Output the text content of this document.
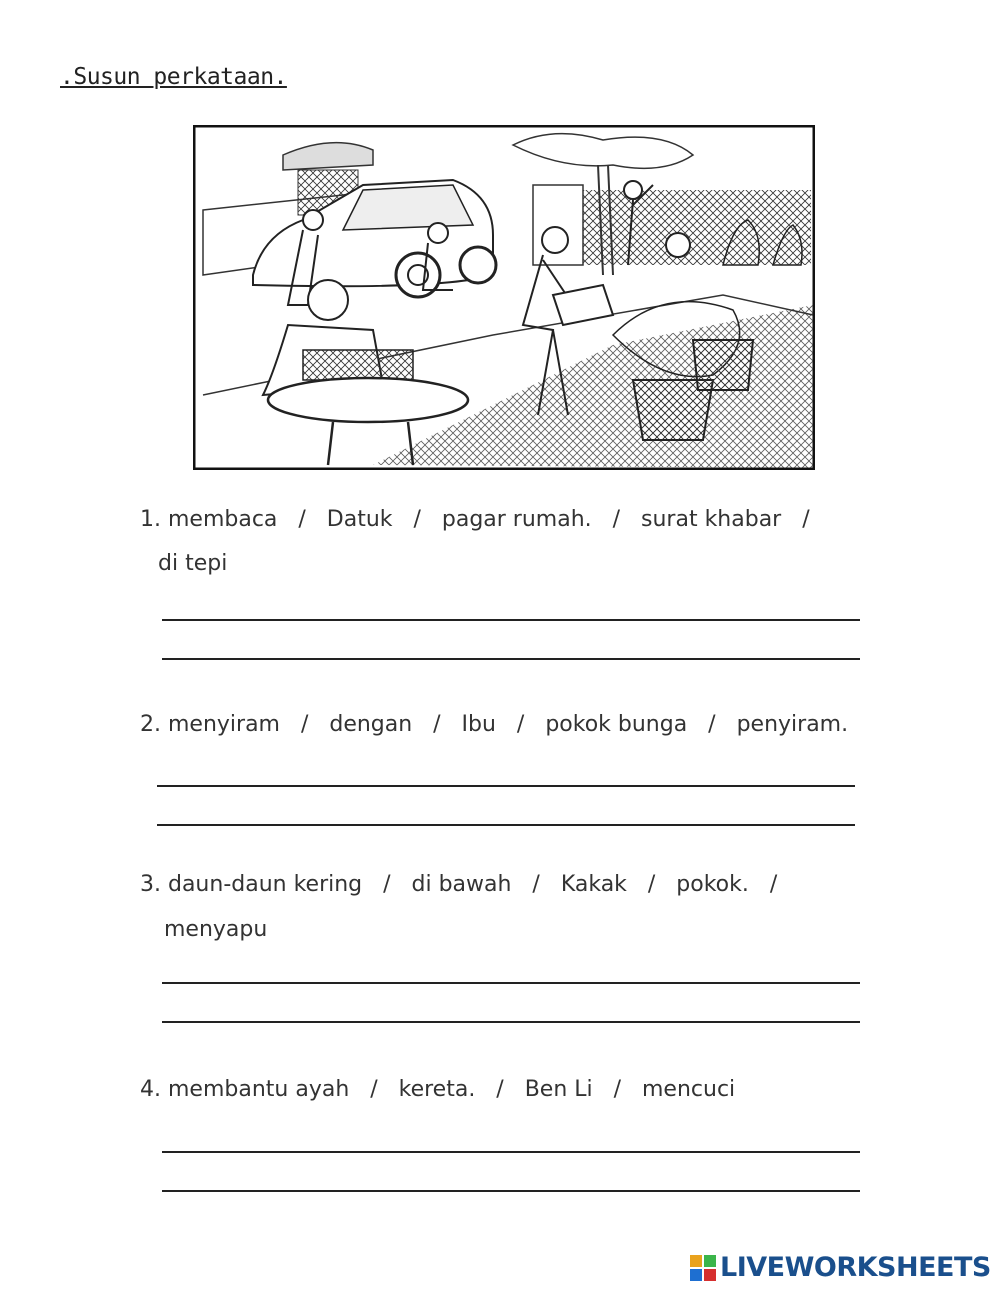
.Susun perkataan.
1. membaca   /   Datuk   /   pagar rumah.   /   surat khabar   /
di tepi
2. menyiram   /   dengan   /   Ibu   /   pokok bunga   /   penyiram.
3. daun-daun kering   /   di bawah   /   Kakak   /   pokok.   /
menyapu
4. membantu ayah   /   kereta.   /   Ben Li   /   mencuci
LIVEWORKSHEETS
